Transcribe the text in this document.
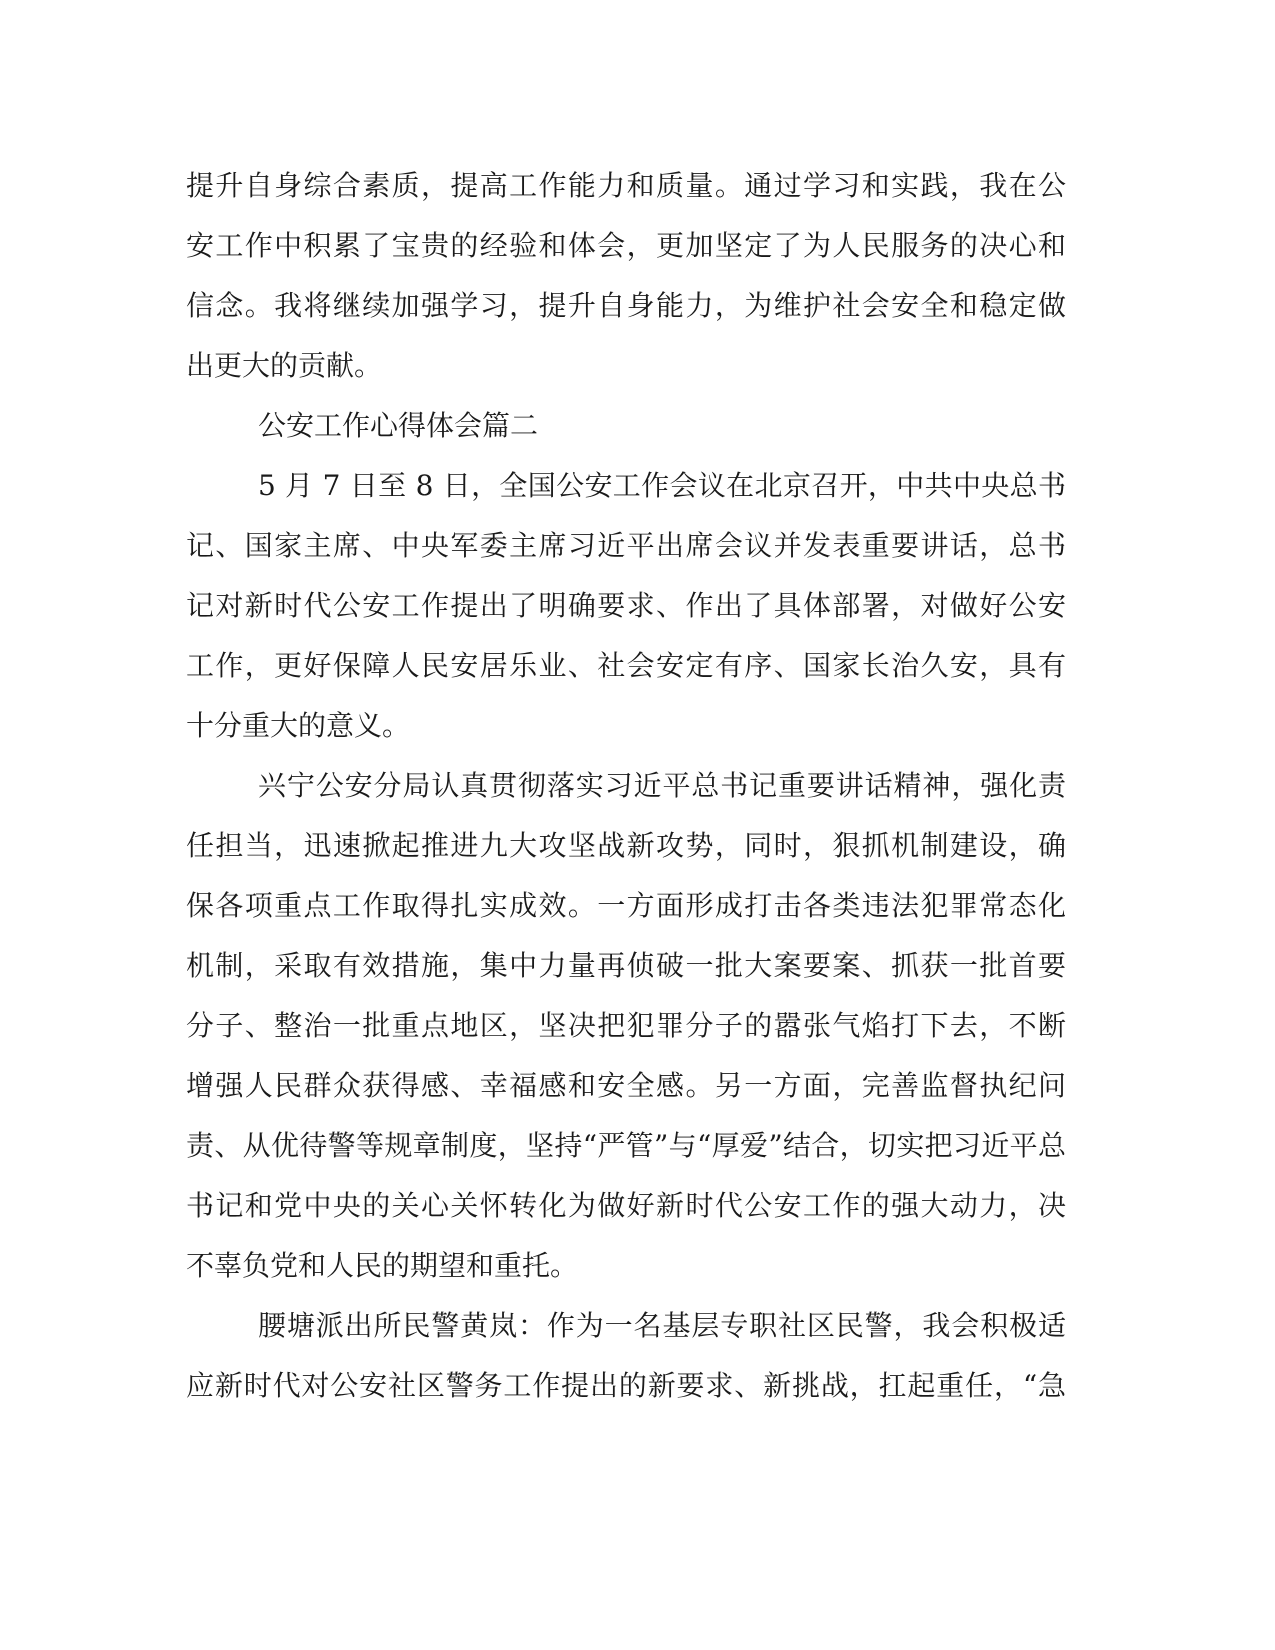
提升自身综合素质，提高工作能力和质量。通过学习和实践，我在公
安工作中积累了宝贵的经验和体会，更加坚定了为人民服务的决心和
信念。我将继续加强学习，提升自身能力，为维护社会安全和稳定做
出更大的贡献。
公安工作心得体会篇二
5 月 7 日至 8 日，全国公安工作会议在北京召开，中共中央总书
记、国家主席、中央军委主席习近平出席会议并发表重要讲话，总书
记对新时代公安工作提出了明确要求、作出了具体部署，对做好公安
工作，更好保障人民安居乐业、社会安定有序、国家长治久安，具有
十分重大的意义。
兴宁公安分局认真贯彻落实习近平总书记重要讲话精神，强化责
任担当，迅速掀起推进九大攻坚战新攻势，同时，狠抓机制建设，确
保各项重点工作取得扎实成效。一方面形成打击各类违法犯罪常态化
机制，采取有效措施，集中力量再侦破一批大案要案、抓获一批首要
分子、整治一批重点地区，坚决把犯罪分子的嚣张气焰打下去，不断
增强人民群众获得感、幸福感和安全感。另一方面，完善监督执纪问
责、从优待警等规章制度，坚持“严管”与“厚爱”结合，切实把习近平总
书记和党中央的关心关怀转化为做好新时代公安工作的强大动力，决
不辜负党和人民的期望和重托。
腰塘派出所民警黄岚：作为一名基层专职社区民警，我会积极适
应新时代对公安社区警务工作提出的新要求、新挑战，扛起重任，“急
